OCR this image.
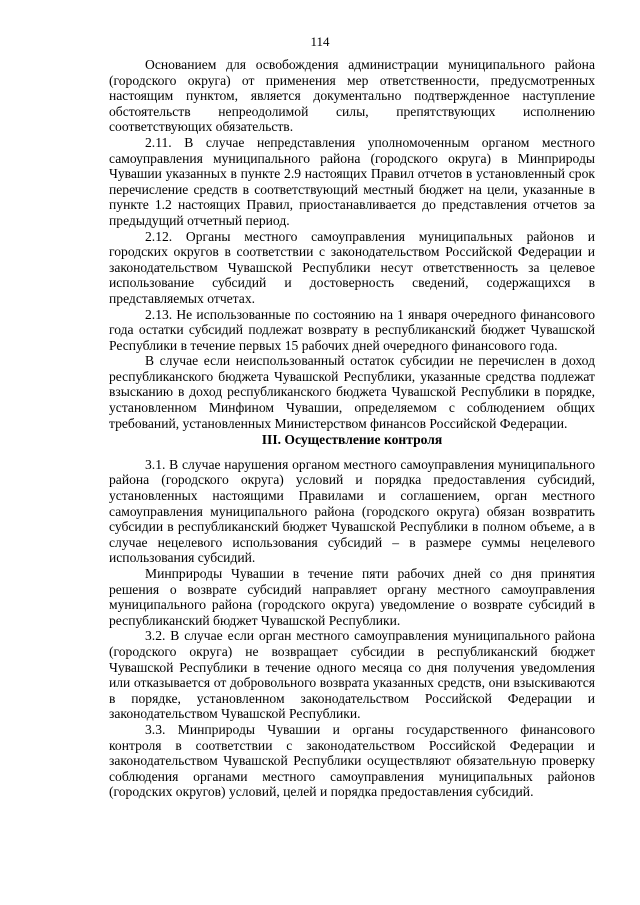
114

Основанием для освобождения администрации муниципального района (городского округа) от применения мер ответственности, предусмотренных настоящим пунктом, является документально подтвержденное наступление обстоятельств непреодолимой силы, препятствующих исполнению соответствующих обязательств.

2.11. В случае непредставления уполномоченным органом местного самоуправления муниципального района (городского округа) в Минприроды Чувашии указанных в пункте 2.9 настоящих Правил отчетов в установленный срок перечисление средств в соответствующий местный бюджет на цели, указанные в пункте 1.2 настоящих Правил, приостанавливается до представления отчетов за предыдущий отчетный период.

2.12. Органы местного самоуправления муниципальных районов и городских округов в соответствии с законодательством Российской Федерации и законодательством Чувашской Республики несут ответственность за целевое использование субсидий и достоверность сведений, содержащихся в представляемых отчетах.

2.13. Не использованные по состоянию на 1 января очередного финансового года остатки субсидий подлежат возврату в республиканский бюджет Чувашской Республики в течение первых 15 рабочих дней очередного финансового года.

В случае если неиспользованный остаток субсидии не перечислен в доход республиканского бюджета Чувашской Республики, указанные средства подлежат взысканию в доход республиканского бюджета Чувашской Республики в порядке, установленном Минфином Чувашии, определяемом с соблюдением общих требований, установленных Министерством финансов Российской Федерации.

III. Осуществление контроля

3.1. В случае нарушения органом местного самоуправления муниципального района (городского округа) условий и порядка предоставления субсидий, установленных настоящими Правилами и соглашением, орган местного самоуправления муниципального района (городского округа) обязан возвратить субсидии в республиканский бюджет Чувашской Республики в полном объеме, а в случае нецелевого использования субсидий – в размере суммы нецелевого использования субсидий.

Минприроды Чувашии в течение пяти рабочих дней со дня принятия решения о возврате субсидий направляет органу местного самоуправления муниципального района (городского округа) уведомление о возврате субсидий в республиканский бюджет Чувашской Республики.

3.2. В случае если орган местного самоуправления муниципального района (городского округа) не возвращает субсидии в республиканский бюджет Чувашской Республики в течение одного месяца со дня получения уведомления или отказывается от добровольного возврата указанных средств, они взыскиваются в порядке, установленном законодательством Российской Федерации и законодательством Чувашской Республики.

3.3. Минприроды Чувашии и органы государственного финансового контроля в соответствии с законодательством Российской Федерации и законодательством Чувашской Республики осуществляют обязательную проверку соблюдения органами местного самоуправления муниципальных районов (городских округов) условий, целей и порядка предоставления субсидий.
